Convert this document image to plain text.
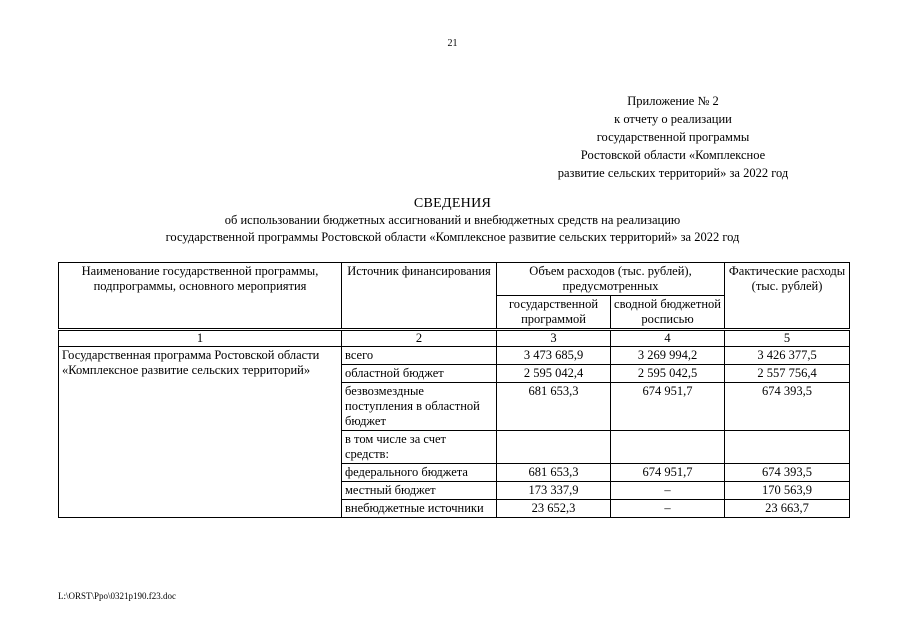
21
Приложение № 2
к отчету о реализации
государственной программы
Ростовской области «Комплексное
развитие сельских территорий» за 2022 год
СВЕДЕНИЯ
об использовании бюджетных ассигнований и внебюджетных средств на реализацию
государственной программы Ростовской области «Комплексное развитие сельских территорий» за 2022 год
Наименование государственной программы, подпрограммы, основного мероприятия	Источник финансирования	Объем расходов (тыс. рублей), предусмотренных		Фактические расходы (тыс. рублей)
		государственной программой	сводной бюджетной росписью	
1	2	3	4	5
Государственная программа Ростовской области «Комплексное развитие сельских территорий»	всего	3 473 685,9	3 269 994,2	3 426 377,5
	областной бюджет	2 595 042,4	2 595 042,5	2 557 756,4
	безвозмездные поступления в областной бюджет	681 653,3	674 951,7	674 393,5
	в том числе за счет средств:			
	федерального бюджета	681 653,3	674 951,7	674 393,5
	местный бюджет	173 337,9	–	170 563,9
	внебюджетные источники	23 652,3	–	23 663,7
L:\ORST\Ppo\0321p190.f23.doc
